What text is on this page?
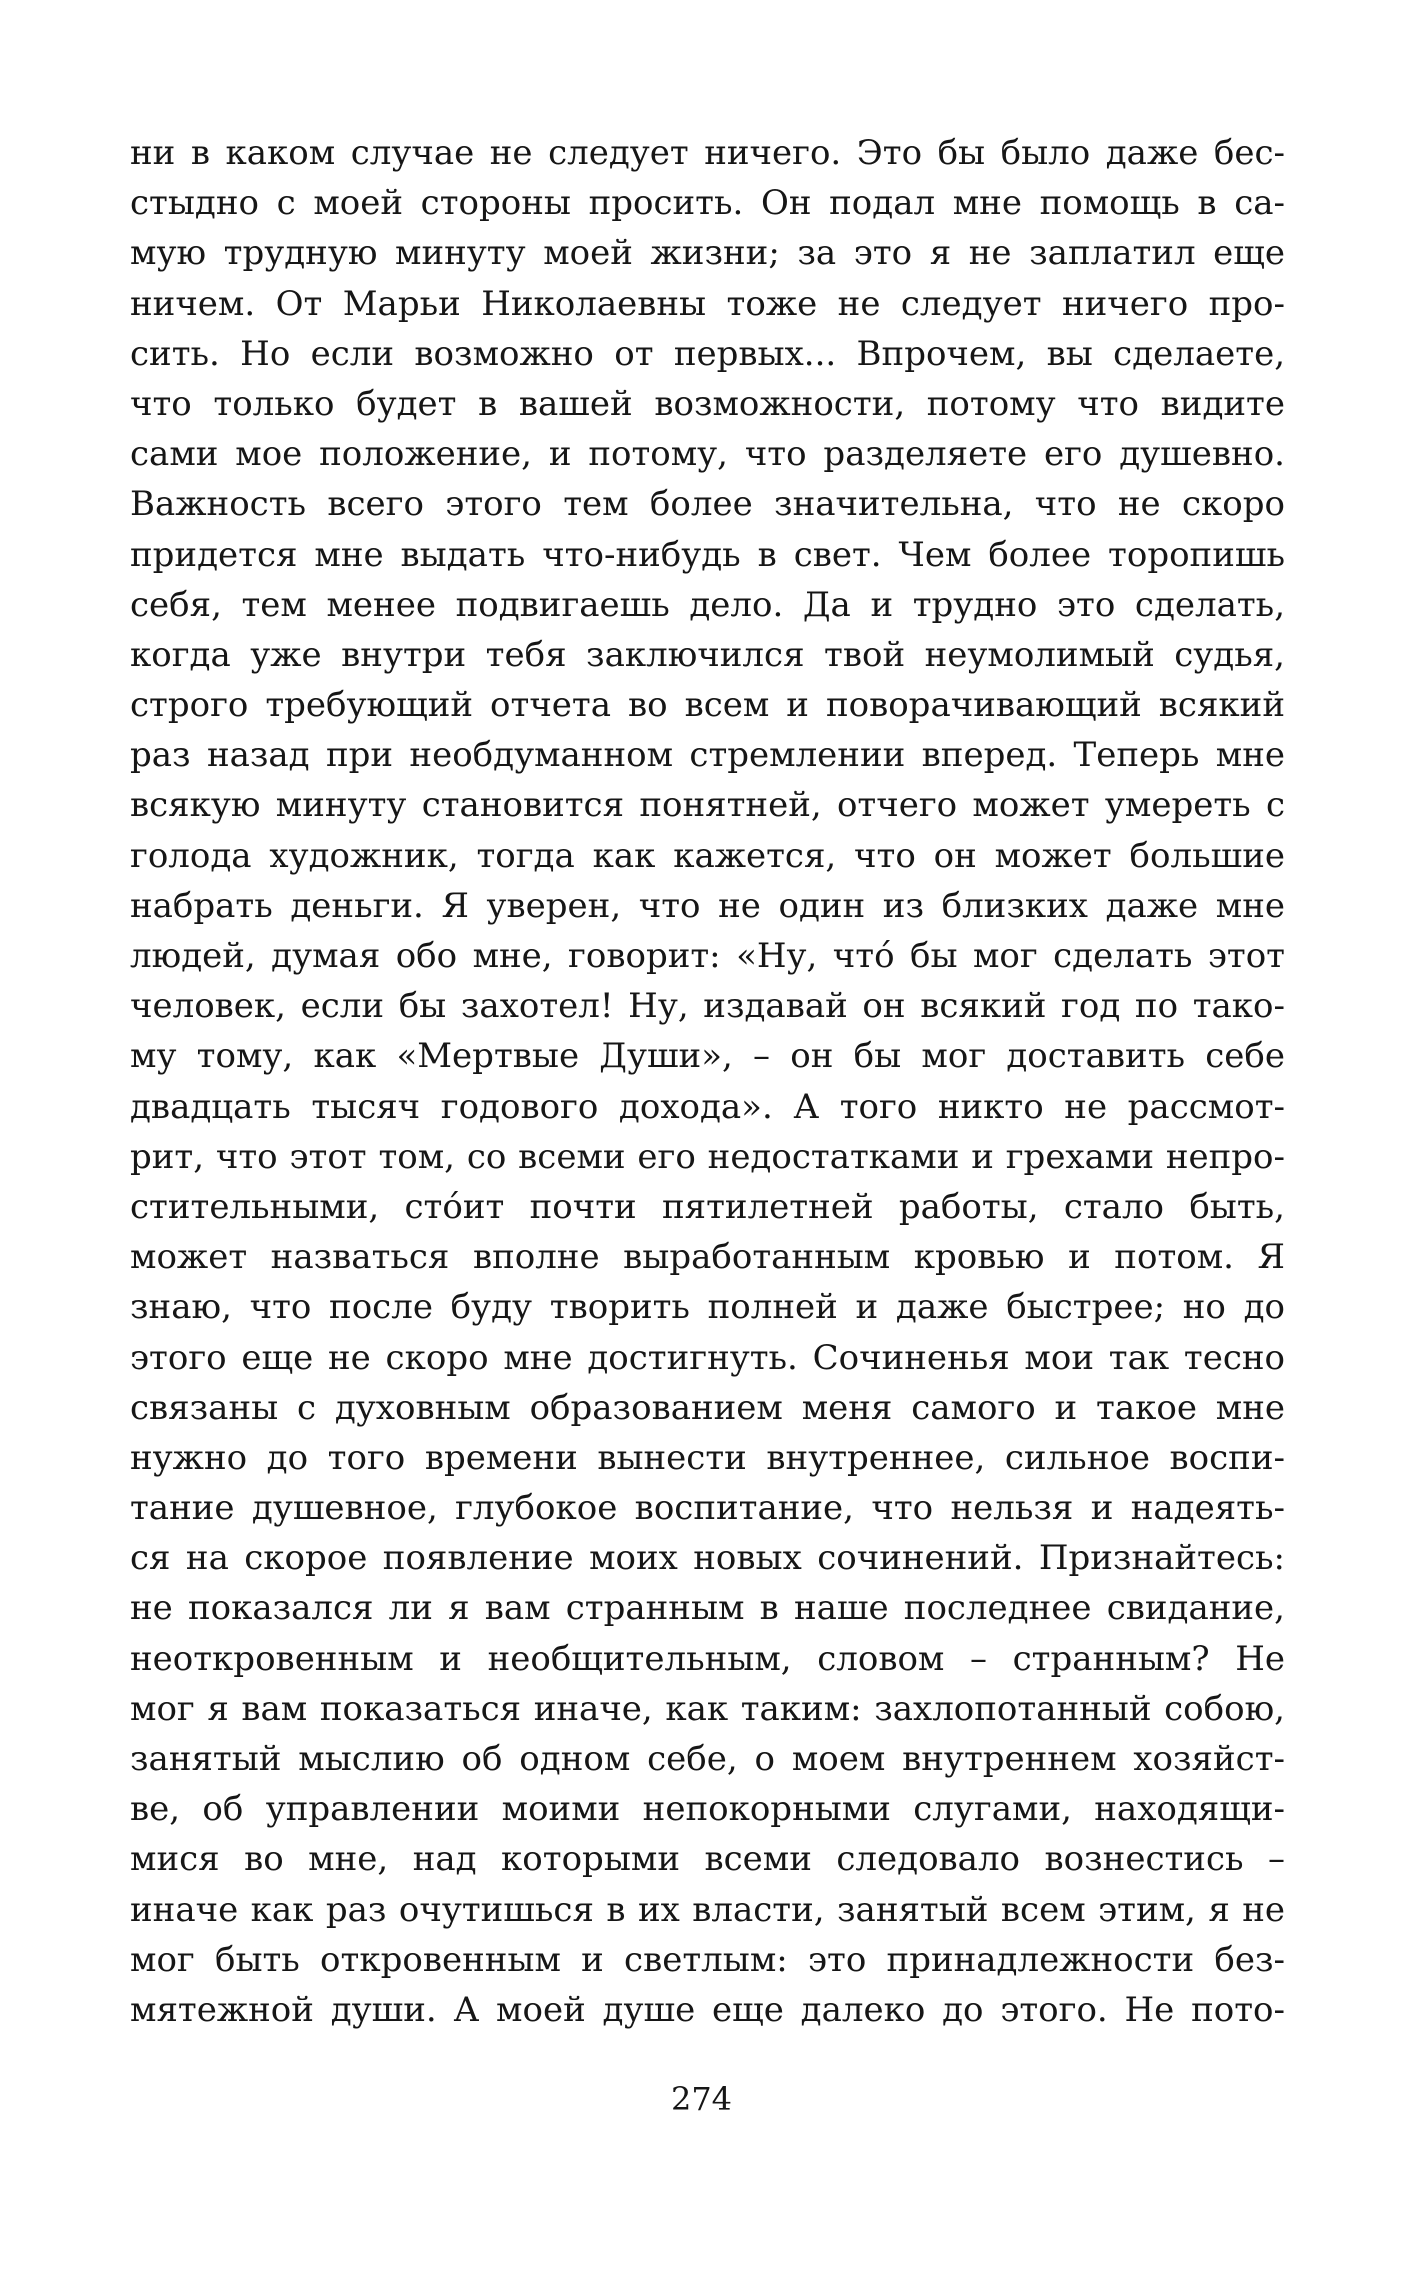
ни в каком случае не следует ничего. Это бы было даже бес-
стыдно с моей стороны просить. Он подал мне помощь в са-
мую трудную минуту моей жизни; за это я не заплатил еще
ничем. От Марьи Николаевны тоже не следует ничего про-
сить. Но если возможно от первых... Впрочем, вы сделаете,
что только будет в вашей возможности, потому что видите
сами мое положение, и потому, что разделяете его душевно.
Важность всего этого тем более значительна, что не скоро
придется мне выдать что-нибудь в свет. Чем более торопишь
себя, тем менее подвигаешь дело. Да и трудно это сделать,
когда уже внутри тебя заключился твой неумолимый судья,
строго требующий отчета во всем и поворачивающий всякий
раз назад при необдуманном стремлении вперед. Теперь мне
всякую минуту становится понятней, отчего может умереть с
голода художник, тогда как кажется, что он может большие
набрать деньги. Я уверен, что не один из близких даже мне
людей, думая обо мне, говорит: «Ну, чтó бы мог сделать этот
человек, если бы захотел! Ну, издавай он всякий год по тако-
му тому, как «Мертвые Души», – он бы мог доставить себе
двадцать тысяч годового дохода». А того никто не рассмот-
рит, что этот том, со всеми его недостатками и грехами непро-
стительными, стóит почти пятилетней работы, стало быть,
может назваться вполне выработанным кровью и потом. Я
знаю, что после буду творить полней и даже быстрее; но до
этого еще не скоро мне достигнуть. Сочиненья мои так тесно
связаны с духовным образованием меня самого и такое мне
нужно до того времени вынести внутреннее, сильное воспи-
тание душевное, глубокое воспитание, что нельзя и надеять-
ся на скорое появление моих новых сочинений. Признайтесь:
не показался ли я вам странным в наше последнее свидание,
неоткровенным и необщительным, словом – странным? Не
мог я вам показаться иначе, как таким: захлопотанный собою,
занятый мыслию об одном себе, о моем внутреннем хозяйст-
ве, об управлении моими непокорными слугами, находящи-
мися во мне, над которыми всеми следовало вознестись –
иначе как раз очутишься в их власти, занятый всем этим, я не
мог быть откровенным и светлым: это принадлежности без-
мятежной души. А моей душе еще далеко до этого. Не пото-
274
